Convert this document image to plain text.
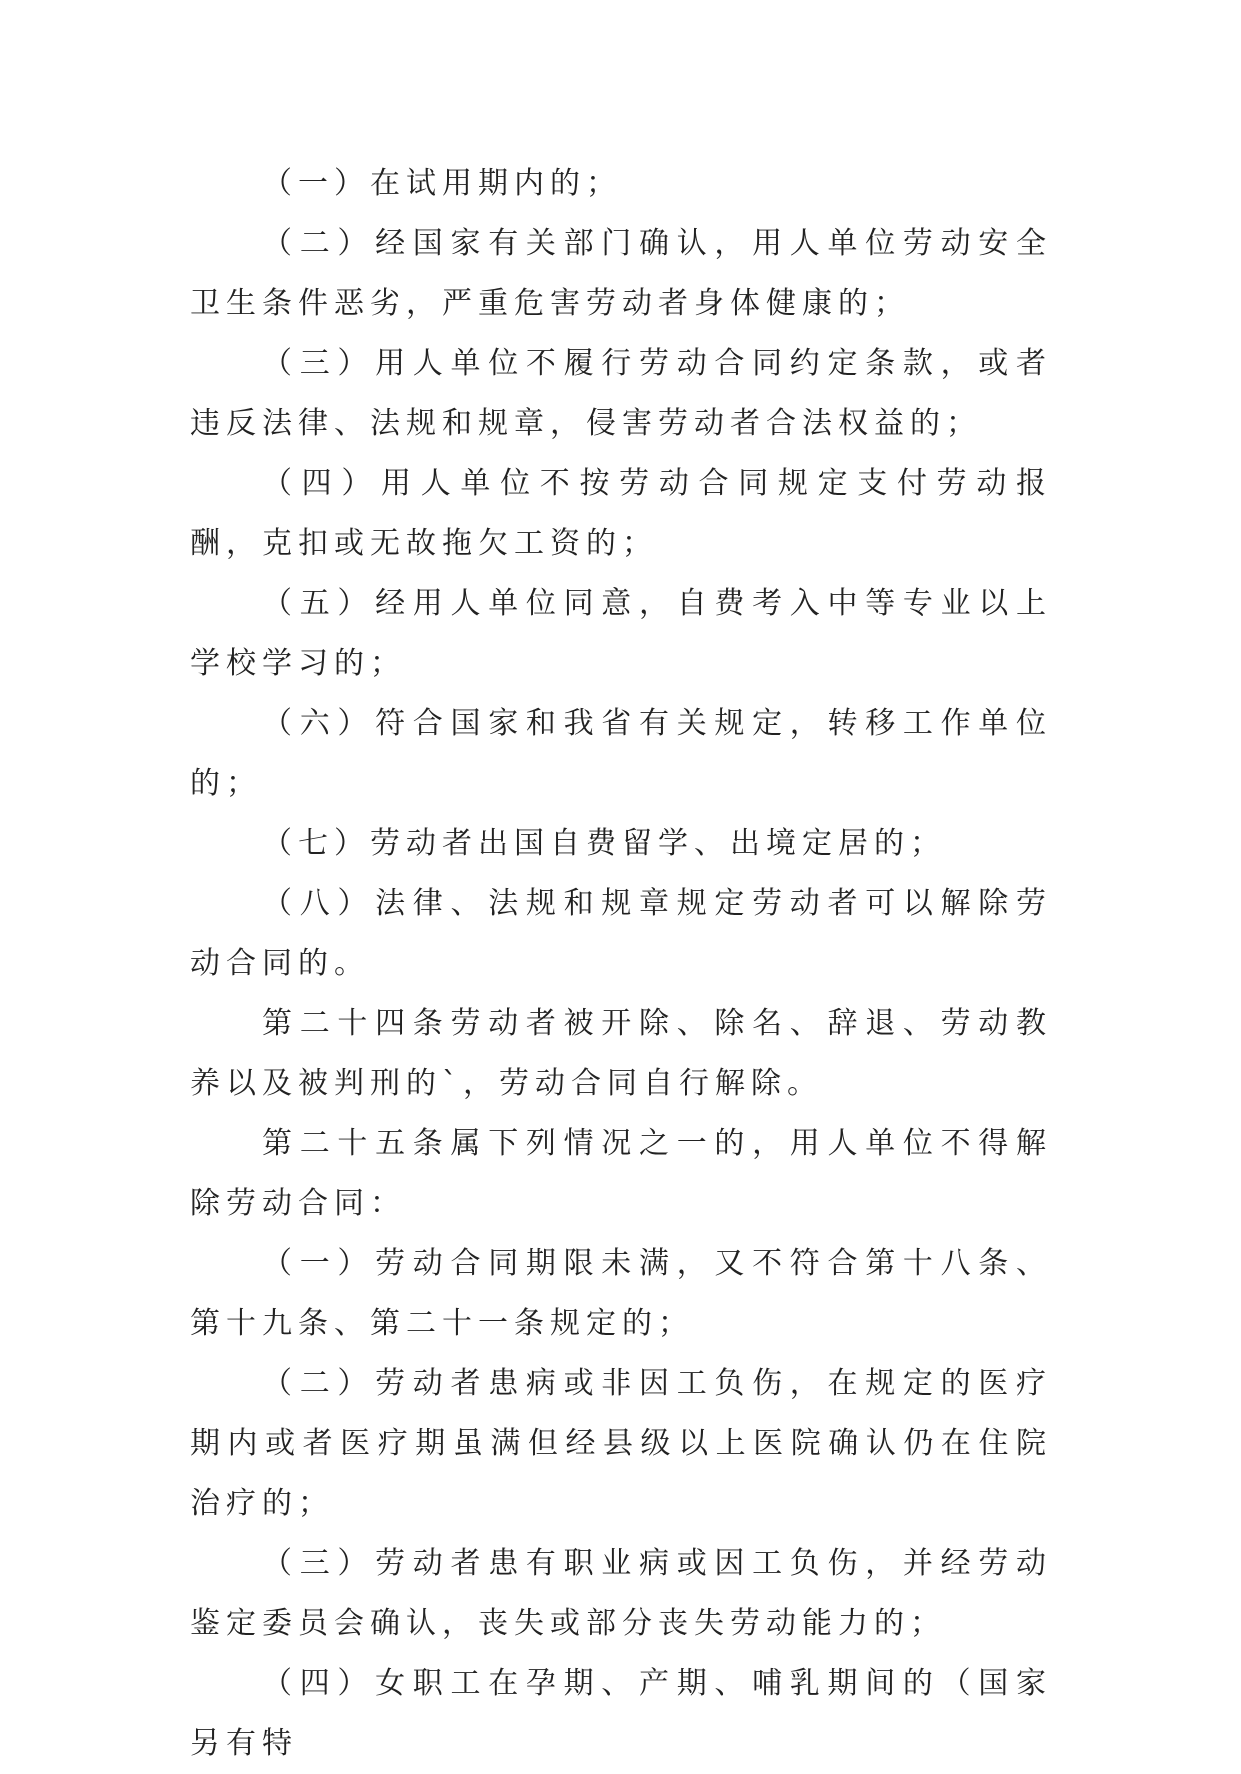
（一）在试用期内的；

（二）经国家有关部门确认，用人单位劳动安全卫生条件恶劣，严重危害劳动者身体健康的；

（三）用人单位不履行劳动合同约定条款，或者违反法律、法规和规章，侵害劳动者合法权益的；

（四）用人单位不按劳动合同规定支付劳动报酬，克扣或无故拖欠工资的；

（五）经用人单位同意，自费考入中等专业以上学校学习的；

（六）符合国家和我省有关规定，转移工作单位的；

（七）劳动者出国自费留学、出境定居的；

（八）法律、法规和规章规定劳动者可以解除劳动合同的。

第二十四条劳动者被开除、除名、辞退、劳动教养以及被判刑的`，劳动合同自行解除。

第二十五条属下列情况之一的，用人单位不得解除劳动合同：

（一）劳动合同期限未满，又不符合第十八条、第十九条、第二十一条规定的；

（二）劳动者患病或非因工负伤，在规定的医疗期内或者医疗期虽满但经县级以上医院确认仍在住院治疗的；

（三）劳动者患有职业病或因工负伤，并经劳动鉴定委员会确认，丧失或部分丧失劳动能力的；

（四）女职工在孕期、产期、哺乳期间的（国家另有特
